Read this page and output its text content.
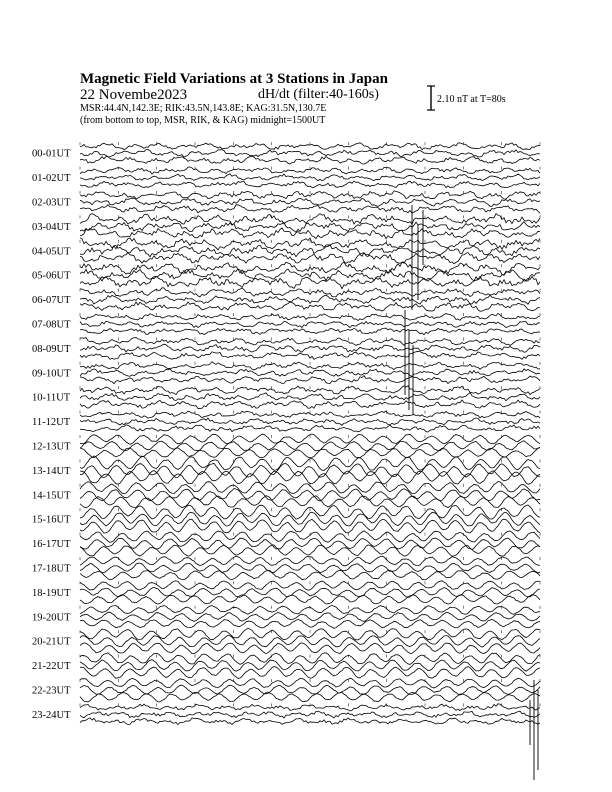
Magnetic Field Variations at 3 Stations in Japan
22 Novembe2023	dH/dt (filter:40-160s)
MSR:44.4N,142.3E; RIK:43.5N,143.8E; KAG:31.5N,130.7E
(from bottom to top, MSR, RIK, & KAG) midnight=1500UT
2.10 nT at T=80s
00-01UT
01-02UT
02-03UT
03-04UT
04-05UT
05-06UT
06-07UT
07-08UT
08-09UT
09-10UT
10-11UT
11-12UT
12-13UT
13-14UT
14-15UT
15-16UT
16-17UT
17-18UT
18-19UT
19-20UT
20-21UT
21-22UT
22-23UT
23-24UT
